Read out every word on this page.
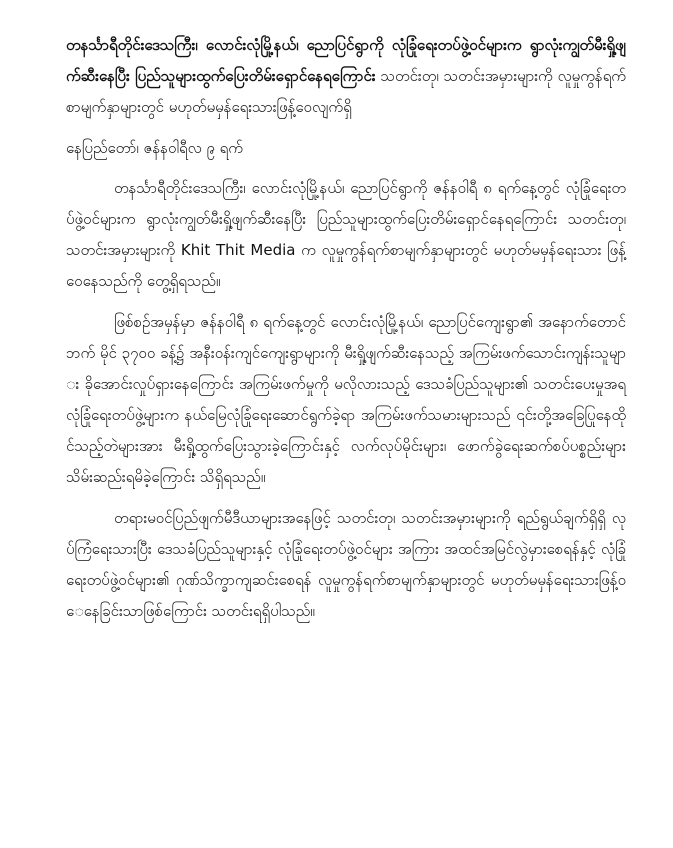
တနင်္သာရီတိုင်းဒေသကြီး၊ လောင်းလုံမြို့နယ်၊ ညောပြင်ရွာကို လုံခြုံရေးတပ်ဖွဲ့ဝင်များက ရွာလုံးကျွတ်မီးရှို့ဖျက်ဆီးနေပြီး ပြည်သူများထွက်ပြေးတိမ်းရှောင်နေရကြောင်း သတင်းတု၊ သတင်းအမှားများကို လူမှုကွန်ရက်စာမျက်နှာများတွင် မဟုတ်မမှန်ရေးသားဖြန့်ဝေလျက်ရှိ

နေပြည်တော်၊ ဇန်နဝါရီလ ၉ ရက်

တနင်္သာရီတိုင်းဒေသကြီး၊ လောင်းလုံမြို့နယ်၊ ညောပြင်ရွာကို ဇန်နဝါရီ ၈ ရက်နေ့တွင် လုံခြုံရေးတပ်ဖွဲ့ဝင်များက ရွာလုံးကျွတ်မီးရှို့ဖျက်ဆီးနေပြီး ပြည်သူများထွက်ပြေးတိမ်းရှောင်နေရကြောင်း သတင်းတု၊ သတင်းအမှားများကို Khit Thit Media က လူမှုကွန်ရက်စာမျက်နှာများတွင် မဟုတ်မမှန်ရေးသား ဖြန့်ဝေနေသည်ကို တွေ့ရှိရသည်။

ဖြစ်စဉ်အမှန်မှာ ဇန်နဝါရီ ၈ ရက်နေ့တွင် လောင်းလုံမြို့နယ်၊ ညောပြင်ကျေးရွာ၏ အနောက်တောင်ဘက် မိုင် ၃၇၀၀ ခန့်၌ အနီးဝန်းကျင်ကျေးရွာများကို မီးရှို့ဖျက်ဆီးနေသည့် အကြမ်းဖက်သောင်းကျန်းသူများ ခိုအောင်းလှုပ်ရှားနေကြောင်း အကြမ်းဖက်မှုကို မလိုလားသည့် ဒေသခံပြည်သူများ၏ သတင်းပေးမှုအရ လုံခြုံရေးတပ်ဖွဲ့များက နယ်မြေလုံခြုံရေးဆောင်ရွက်ခဲ့ရာ အကြမ်းဖက်သမားများသည် ၎င်းတို့အခြေပြုနေထိုင်သည့်တဲများအား မီးရှို့ထွက်ပြေးသွားခဲ့ကြောင်းနှင့် လက်လုပ်မိုင်းများ၊ ဖောက်ခွဲရေးဆက်စပ်ပစ္စည်းများ သိမ်းဆည်းရမိခဲ့ကြောင်း သိရှိရသည်။

တရားမဝင်ပြည်ဖျက်မီဒီယာများအနေဖြင့် သတင်းတု၊ သတင်းအမှားများကို ရည်ရွယ်ချက်ရှိရှိ လုပ်ကြံရေးသားပြီး ဒေသခံပြည်သူများနှင့် လုံခြုံရေးတပ်ဖွဲ့ဝင်များ အကြား အထင်အမြင်လွဲမှားစေရန်နှင့် လုံခြုံရေးတပ်ဖွဲ့ဝင်များ၏ ဂုဏ်သိက္ခာကျဆင်းစေရန် လူမှုကွန်ရက်စာမျက်နှာများတွင် မဟုတ်မမှန်ရေးသားဖြန့်ဝေနေခြင်းသာဖြစ်ကြောင်း သတင်းရရှိပါသည်။
